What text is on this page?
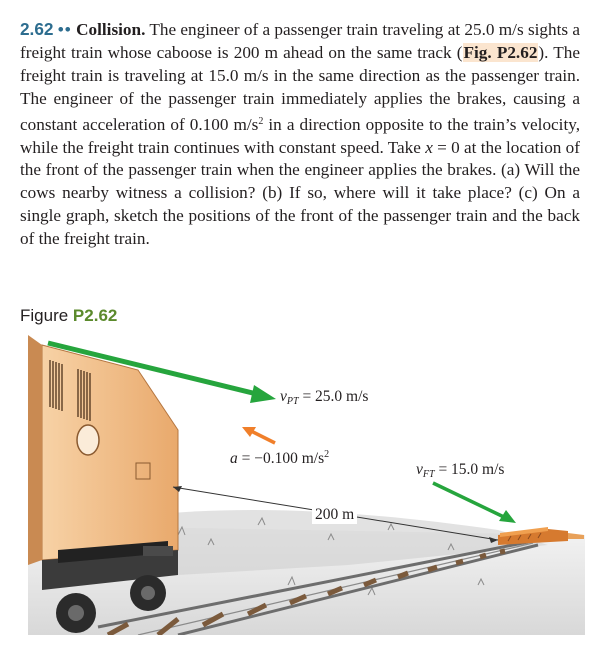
2.62 •• Collision. The engineer of a passenger train traveling at 25.0 m/s sights a freight train whose caboose is 200 m ahead on the same track (Fig. P2.62). The freight train is traveling at 15.0 m/s in the same direction as the passenger train. The engineer of the passenger train immediately applies the brakes, causing a constant acceleration of 0.100 $m/s^2$ in a direction opposite to the train’s velocity, while the freight train continues with constant speed. Take x = 0 at the location of the front of the passenger train when the engineer applies the brakes. (a) Will the cows nearby witness a collision? (b) If so, where will it take place? (c) On a single graph, sketch the positions of the front of the passenger train and the back of the freight train.
Figure P2.62
$v_{PT} = 25.0$ m/s
a = −0.100 $m/s^2$
$v_{FT} = 15.0$ m/s
200 m
